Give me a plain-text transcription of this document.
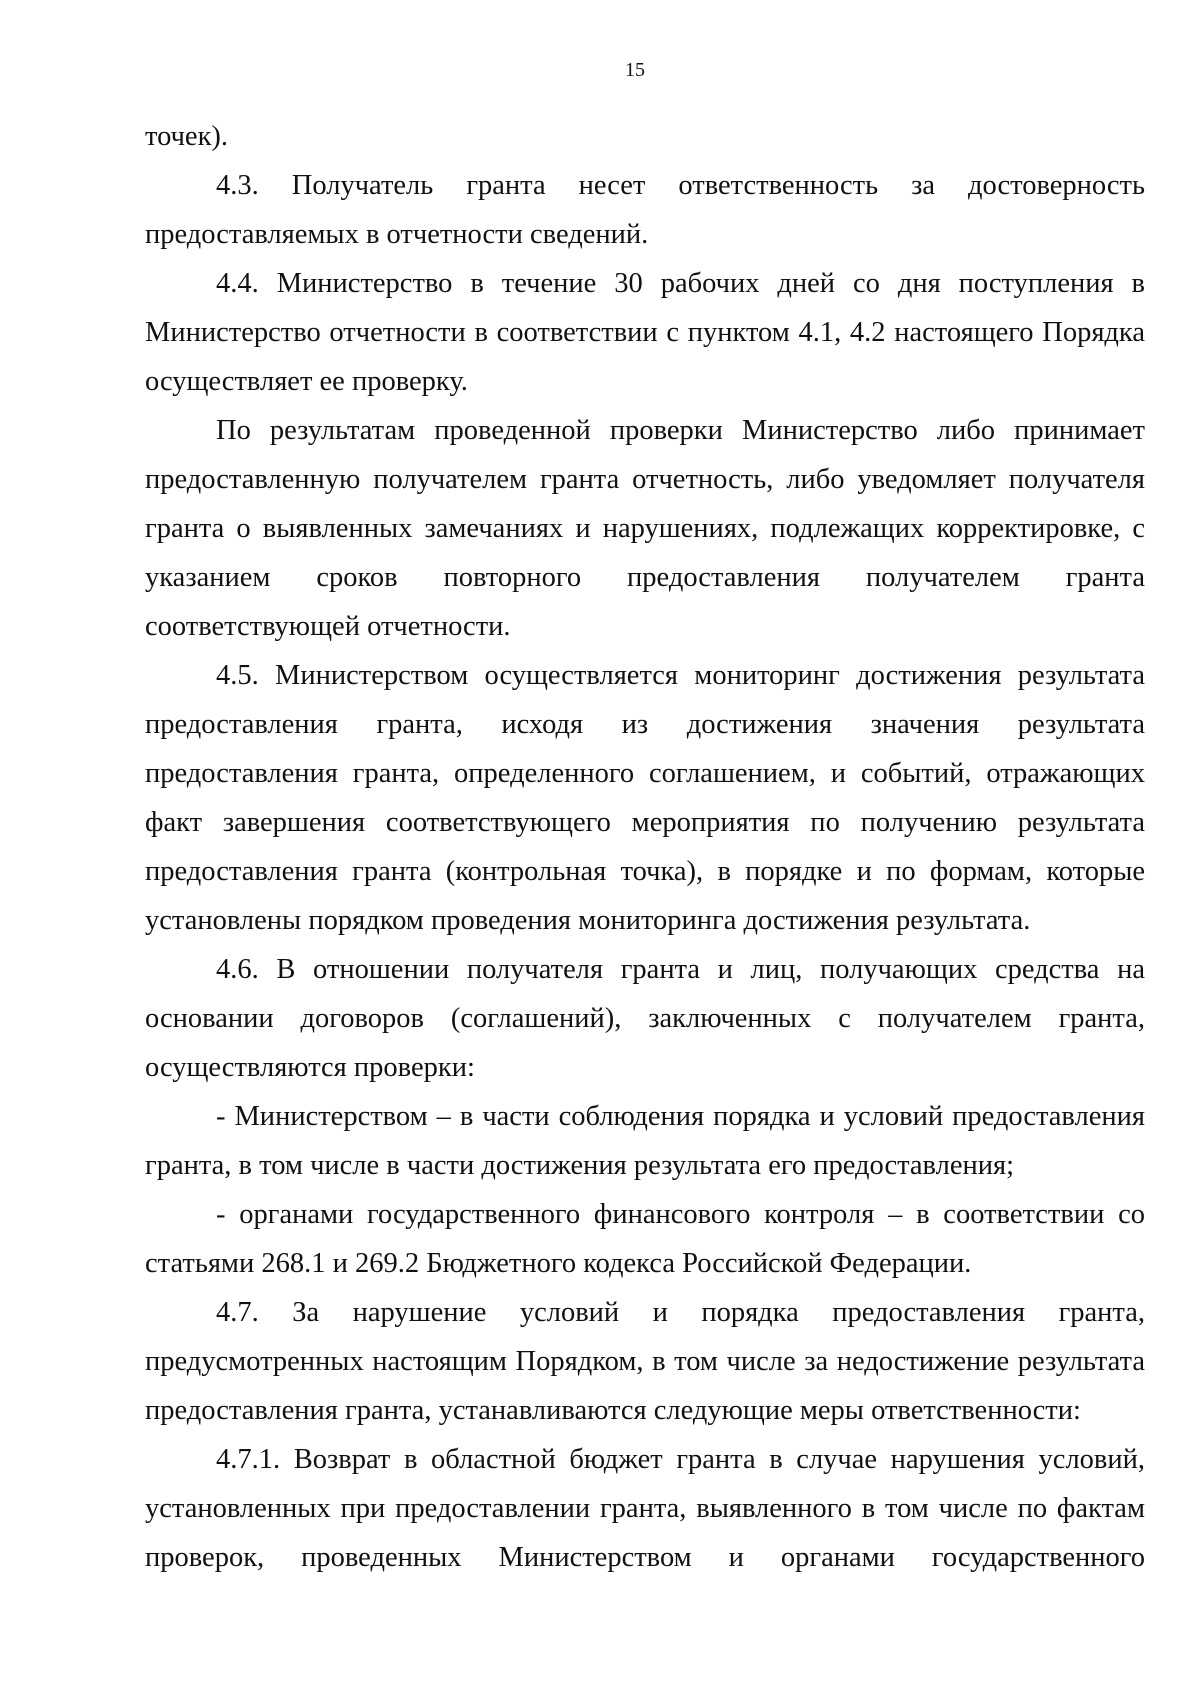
15

точек).

4.3. Получатель гранта несет ответственность за достоверность предоставляемых в отчетности сведений.

4.4. Министерство в течение 30 рабочих дней со дня поступления в Министерство отчетности в соответствии с пунктом 4.1, 4.2 настоящего Порядка осуществляет ее проверку.

По результатам проведенной проверки Министерство либо принимает предоставленную получателем гранта отчетность, либо уведомляет получателя гранта о выявленных замечаниях и нарушениях, подлежащих корректировке, с указанием сроков повторного предоставления получателем гранта соответствующей отчетности.

4.5. Министерством осуществляется мониторинг достижения результата предоставления гранта, исходя из достижения значения результата предоставления гранта, определенного соглашением, и событий, отражающих факт завершения соответствующего мероприятия по получению результата предоставления гранта (контрольная точка), в порядке и по формам, которые установлены порядком проведения мониторинга достижения результата.

4.6. В отношении получателя гранта и лиц, получающих средства на основании договоров (соглашений), заключенных с получателем гранта, осуществляются проверки:

- Министерством – в части соблюдения порядка и условий предоставления гранта, в том числе в части достижения результата его предоставления;

- органами государственного финансового контроля – в соответствии со статьями 268.1 и 269.2 Бюджетного кодекса Российской Федерации.

4.7. За нарушение условий и порядка предоставления гранта, предусмотренных настоящим Порядком, в том числе за недостижение результата предоставления гранта, устанавливаются следующие меры ответственности:

4.7.1. Возврат в областной бюджет гранта в случае нарушения условий, установленных при предоставлении гранта, выявленного в том числе по фактам проверок, проведенных Министерством и органами государственного
